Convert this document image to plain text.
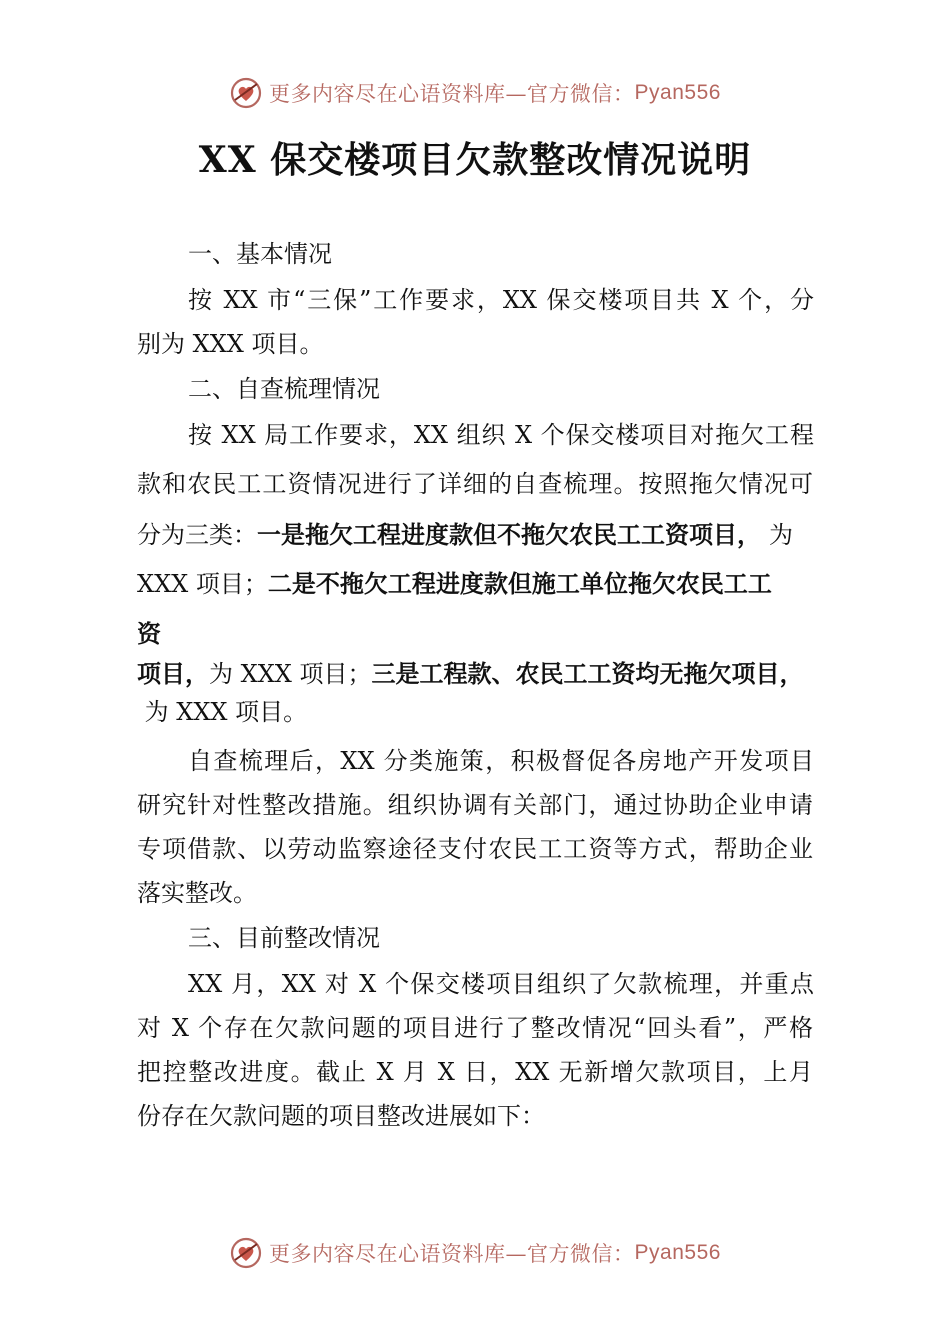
更多内容尽在心语资料库—官方微信： Pyan556
XX 保交楼项目欠款整改情况说明
一、基本情况
按 XX 市“三保”工作要求，XX 保交楼项目共 X 个，分
别为 XXX 项目。
二、自查梳理情况
按 XX 局工作要求，XX 组织 X 个保交楼项目对拖欠工程
款和农民工工资情况进行了详细的自查梳理。按照拖欠情况可
分为三类：一是拖欠工程进度款但不拖欠农民工工资项目， 为
XXX 项目；二是不拖欠工程进度款但施工单位拖欠农民工工
资
项目，为 XXX 项目；三是工程款、农民工工资均无拖欠项目，
为 XXX 项目。
自查梳理后，XX 分类施策，积极督促各房地产开发项目
研究针对性整改措施。组织协调有关部门，通过协助企业申请
专项借款、以劳动监察途径支付农民工工资等方式，帮助企业
落实整改。
三、目前整改情况
XX 月，XX 对 X 个保交楼项目组织了欠款梳理，并重点
对 X 个存在欠款问题的项目进行了整改情况“回头看”，严格
把控整改进度。截止 X 月 X 日，XX 无新增欠款项目，上月
份存在欠款问题的项目整改进展如下：
更多内容尽在心语资料库—官方微信： Pyan556
